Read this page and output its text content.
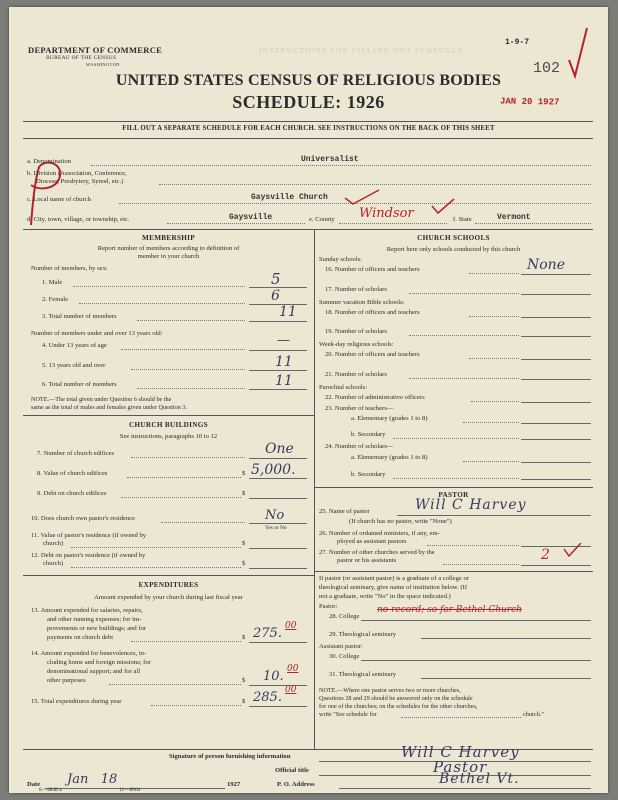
INSTRUCTIONS FOR FILLING OUT SCHEDULE
DEPARTMENT OF COMMERCE
BUREAU OF THE CENSUS
WASHINGTON
1-9-7
102
JAN 20 1927
UNITED STATES CENSUS OF RELIGIOUS BODIES
SCHEDULE: 1926
FILL OUT A SEPARATE SCHEDULE FOR EACH CHURCH. SEE INSTRUCTIONS ON THE BACK OF THIS SHEET
a. Denomination	Universalist
b. Division (Association, Conference,
Diocese, Presbytery, Synod, etc.)
c. Local name of church	Gaysville Church
d. City, town, village, or township, etc.	Gaysville	e. County Windsor	f. State	Vermont
MEMBERSHIP
Report number of members according to definition of
member in your church
Number of members, by sex:
1. Male	5
2. Female	6
3. Total number of members	11
Number of members under and over 13 years old:
4. Under 13 years of age	—
5. 13 years old and over	11
6. Total number of members	11
NOTE.—The total given under Question 6 should be the
same as the total of males and females given under Question 3.
CHURCH BUILDINGS
See instructions, paragraphs 10 to 12
7. Number of church edifices	One
8. Value of church edifices	$ 5,000.
9. Debt on church edifices	$
10. Does church own pastor's residence	No
Yes or No
11. Value of pastor's residence (if owned by
church)	$
12. Debt on pastor's residence (if owned by
church)	$
EXPENDITURES
Amount expended by your church during last fiscal year
13. Amount expended for salaries, repairs,
and other running expenses; for im-
provements or new buildings; and for
payments on church debt	$ 275. 00
14. Amount expended for benevolences, in-
cluding home and foreign missions; for
denominational support; and for all
other purposes	$ 10. 00
15. Total expenditures during year	$ 285. 00
CHURCH SCHOOLS
Report here only schools conducted by this church
Sunday schools:
16. Number of officers and teachers	None
17. Number of scholars
Summer vacation Bible schools:
18. Number of officers and teachers
19. Number of scholars
Week-day religious schools:
20. Number of officers and teachers
21. Number of scholars
Parochial schools:
22. Number of administrative officers
23. Number of teachers—
a. Elementary (grades 1 to 8)
b. Secondary
24. Number of scholars—
a. Elementary (grades 1 to 8)
b. Secondary
PASTOR
25. Name of pastor	Will C Harvey
(If church has no pastor, write "None")
26. Number of ordained ministers, if any, em-
ployed as assistant pastors
27. Number of other churches served by the
pastor or his assistants	2
If pastor (or assistant pastor) is a graduate of a college or
theological seminary, give name of institution below. (If
not a graduate, write "No" in the space indicated.)
Pastor:
28. College
no record; so for Bethel Church
29. Theological seminary
Assistant pastor:
30. College
31. Theological seminary
NOTE.—Where one pastor serves two or more churches,
Questions 28 and 29 should be answered only on the schedule
for one of the churches; on the schedules for the other churches,
write "See schedule for	church."
Signature of person furnishing information	Will C Harvey
Official title	Pastor
Date Jan   18	1927	P. O. Address	Bethel Vt.
6—4848 a	11—8064
